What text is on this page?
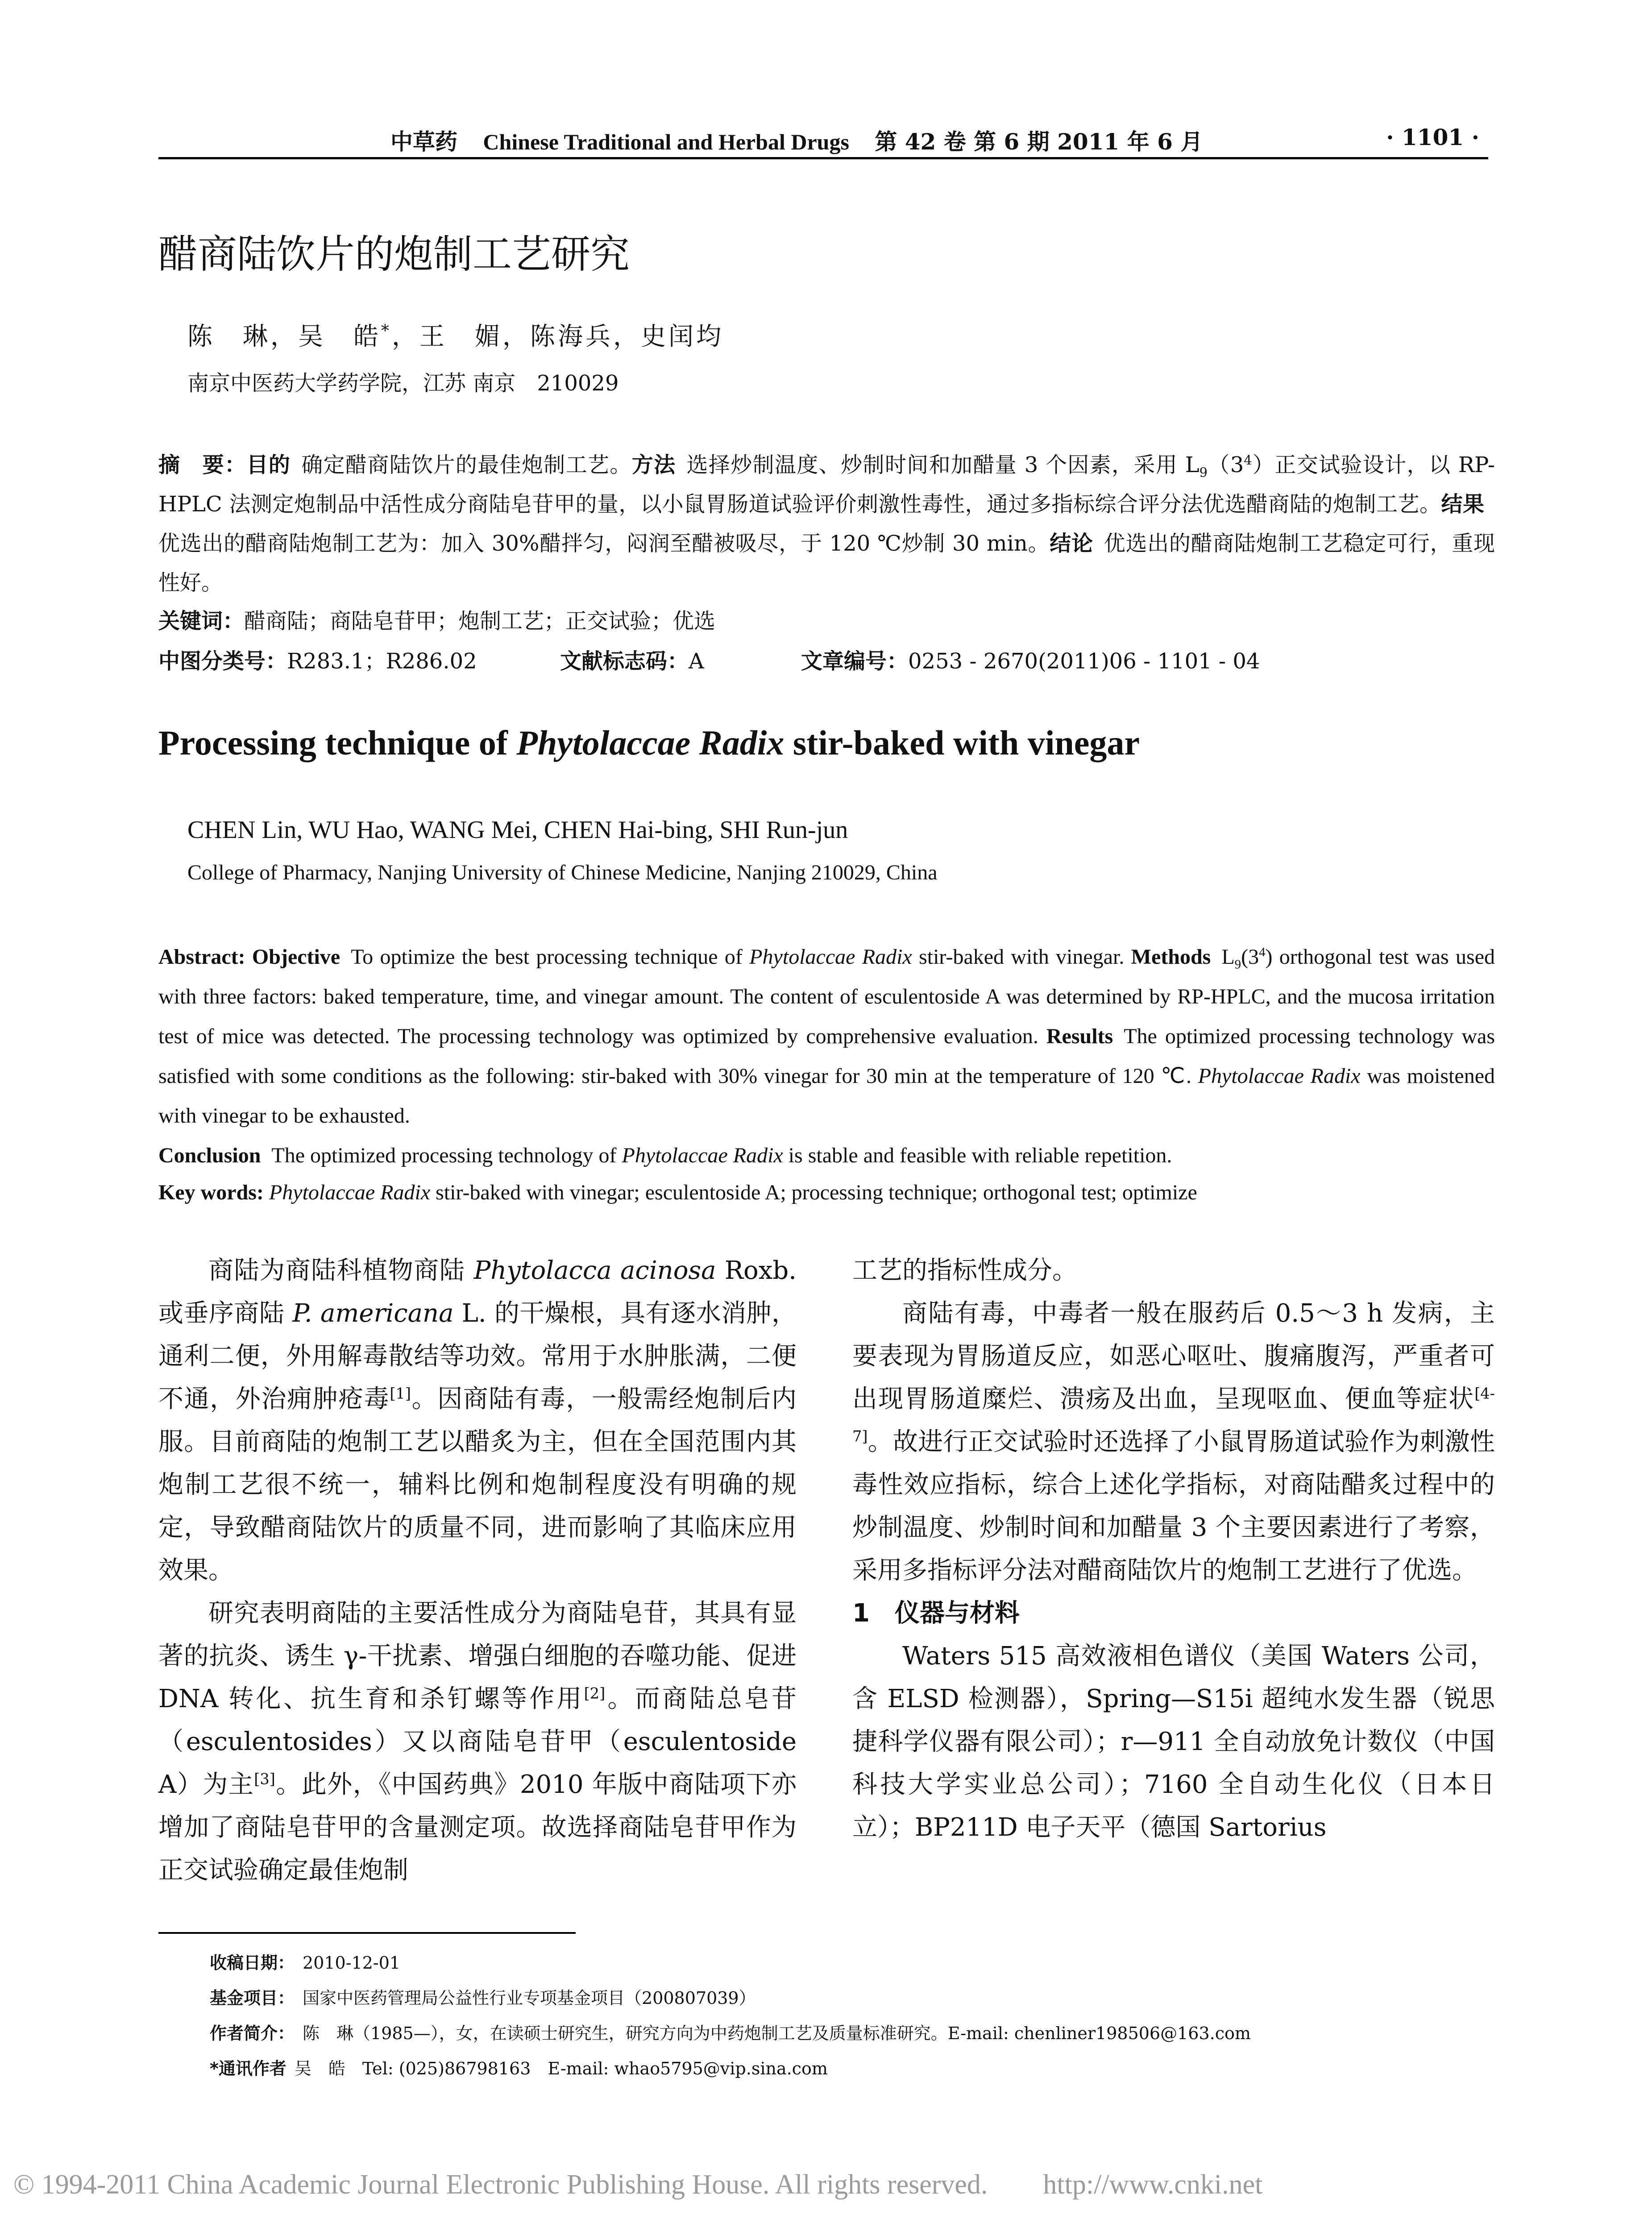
中草药 Chinese Traditional and Herbal Drugs 第 42 卷 第 6 期 2011 年 6 月	· 1101 ·
醋商陆饮片的炮制工艺研究
陈　琳，吴　皓*，王　媚，陈海兵，史闰均
南京中医药大学药学院，江苏 南京　210029
摘　要：目的 确定醋商陆饮片的最佳炮制工艺。方法 选择炒制温度、炒制时间和加醋量 3 个因素，采用 $L_9(3^4)$正交试验设计，以 RP-HPLC 法测定炮制品中活性成分商陆皂苷甲的量，以小鼠胃肠道试验评价刺激性毒性，通过多指标综合评分法优选醋商陆的炮制工艺。结果优选出的醋商陆炮制工艺为：加入 30%醋拌匀，闷润至醋被吸尽，于 120 ℃炒制 30 min。结论 优选出的醋商陆炮制工艺稳定可行，重现性好。
关键词：醋商陆；商陆皂苷甲；炮制工艺；正交试验；优选
中图分类号：R283.1；R286.02	文献标志码：A	文章编号：0253 - 2670(2011)06 - 1101 - 04
Processing technique of Phytolaccae Radix stir-baked with vinegar
CHEN Lin, WU Hao, WANG Mei, CHEN Hai-bing, SHI Run-jun
College of Pharmacy, Nanjing University of Chinese Medicine, Nanjing 210029, China
Abstract: Objective To optimize the best processing technique of Phytolaccae Radix stir-baked with vinegar. Methods $L_9(3^4)$ orthogonal test was used with three factors: baked temperature, time, and vinegar amount. The content of esculentoside A was determined by RP-HPLC, and the mucosa irritation test of mice was detected. The processing technology was optimized by comprehensive evaluation. Results The optimized processing technology was satisfied with some conditions as the following: stir-baked with 30% vinegar for 30 min at the temperature of 120 ℃. Phytolaccae Radix was moistened with vinegar to be exhausted.
Conclusion The optimized processing technology of Phytolaccae Radix is stable and feasible with reliable repetition.
Key words: Phytolaccae Radix stir-baked with vinegar; esculentoside A; processing technique; orthogonal test; optimize

商陆为商陆科植物商陆 Phytolacca acinosa Roxb. 或垂序商陆 P. americana L. 的干燥根，具有逐水消肿，通利二便，外用解毒散结等功效。常用于水肿胀满，二便不通，外治痈肿疮毒[1]。因商陆有毒，一般需经炮制后内服。目前商陆的炮制工艺以醋炙为主，但在全国范围内其炮制工艺很不统一，辅料比例和炮制程度没有明确的规定，导致醋商陆饮片的质量不同，进而影响了其临床应用效果。

研究表明商陆的主要活性成分为商陆皂苷，其具有显著的抗炎、诱生 γ-干扰素、增强白细胞的吞噬功能、促进 DNA 转化、抗生育和杀钉螺等作用[2]。而商陆总皂苷（esculentosides）又以商陆皂苷甲（esculentoside A）为主[3]。此外，《中国药典》2010 年版中商陆项下亦增加了商陆皂苷甲的含量测定项。故选择商陆皂苷甲作为正交试验确定最佳炮制

工艺的指标性成分。

商陆有毒，中毒者一般在服药后 0.5～3 h 发病，主要表现为胃肠道反应，如恶心呕吐、腹痛腹泻，严重者可出现胃肠道糜烂、溃疡及出血，呈现呕血、便血等症状[4-7]。故进行正交试验时还选择了小鼠胃肠道试验作为刺激性毒性效应指标，综合上述化学指标，对商陆醋炙过程中的炒制温度、炒制时间和加醋量 3 个主要因素进行了考察，采用多指标评分法对醋商陆饮片的炮制工艺进行了优选。

1　仪器与材料

Waters 515 高效液相色谱仪（美国 Waters 公司，含 ELSD 检测器），Spring—S15i 超纯水发生器（锐思捷科学仪器有限公司）；r—911 全自动放免计数仪（中国科技大学实业总公司）；7160 全自动生化仪（日本日立）；BP211D 电子天平（德国 Sartorius

收稿日期： 2010-12-01
基金项目： 国家中医药管理局公益性行业专项基金项目（200807039）
作者简介： 陈　琳（1985—），女，在读硕士研究生，研究方向为中药炮制工艺及质量标准研究。E-mail: chenliner198506@163.com
*通讯作者 吴　皓　Tel: (025)86798163　E-mail: whao5795@vip.sina.com
© 1994-2011 China Academic Journal Electronic Publishing House. All rights reserved.　　http://www.cnki.net
